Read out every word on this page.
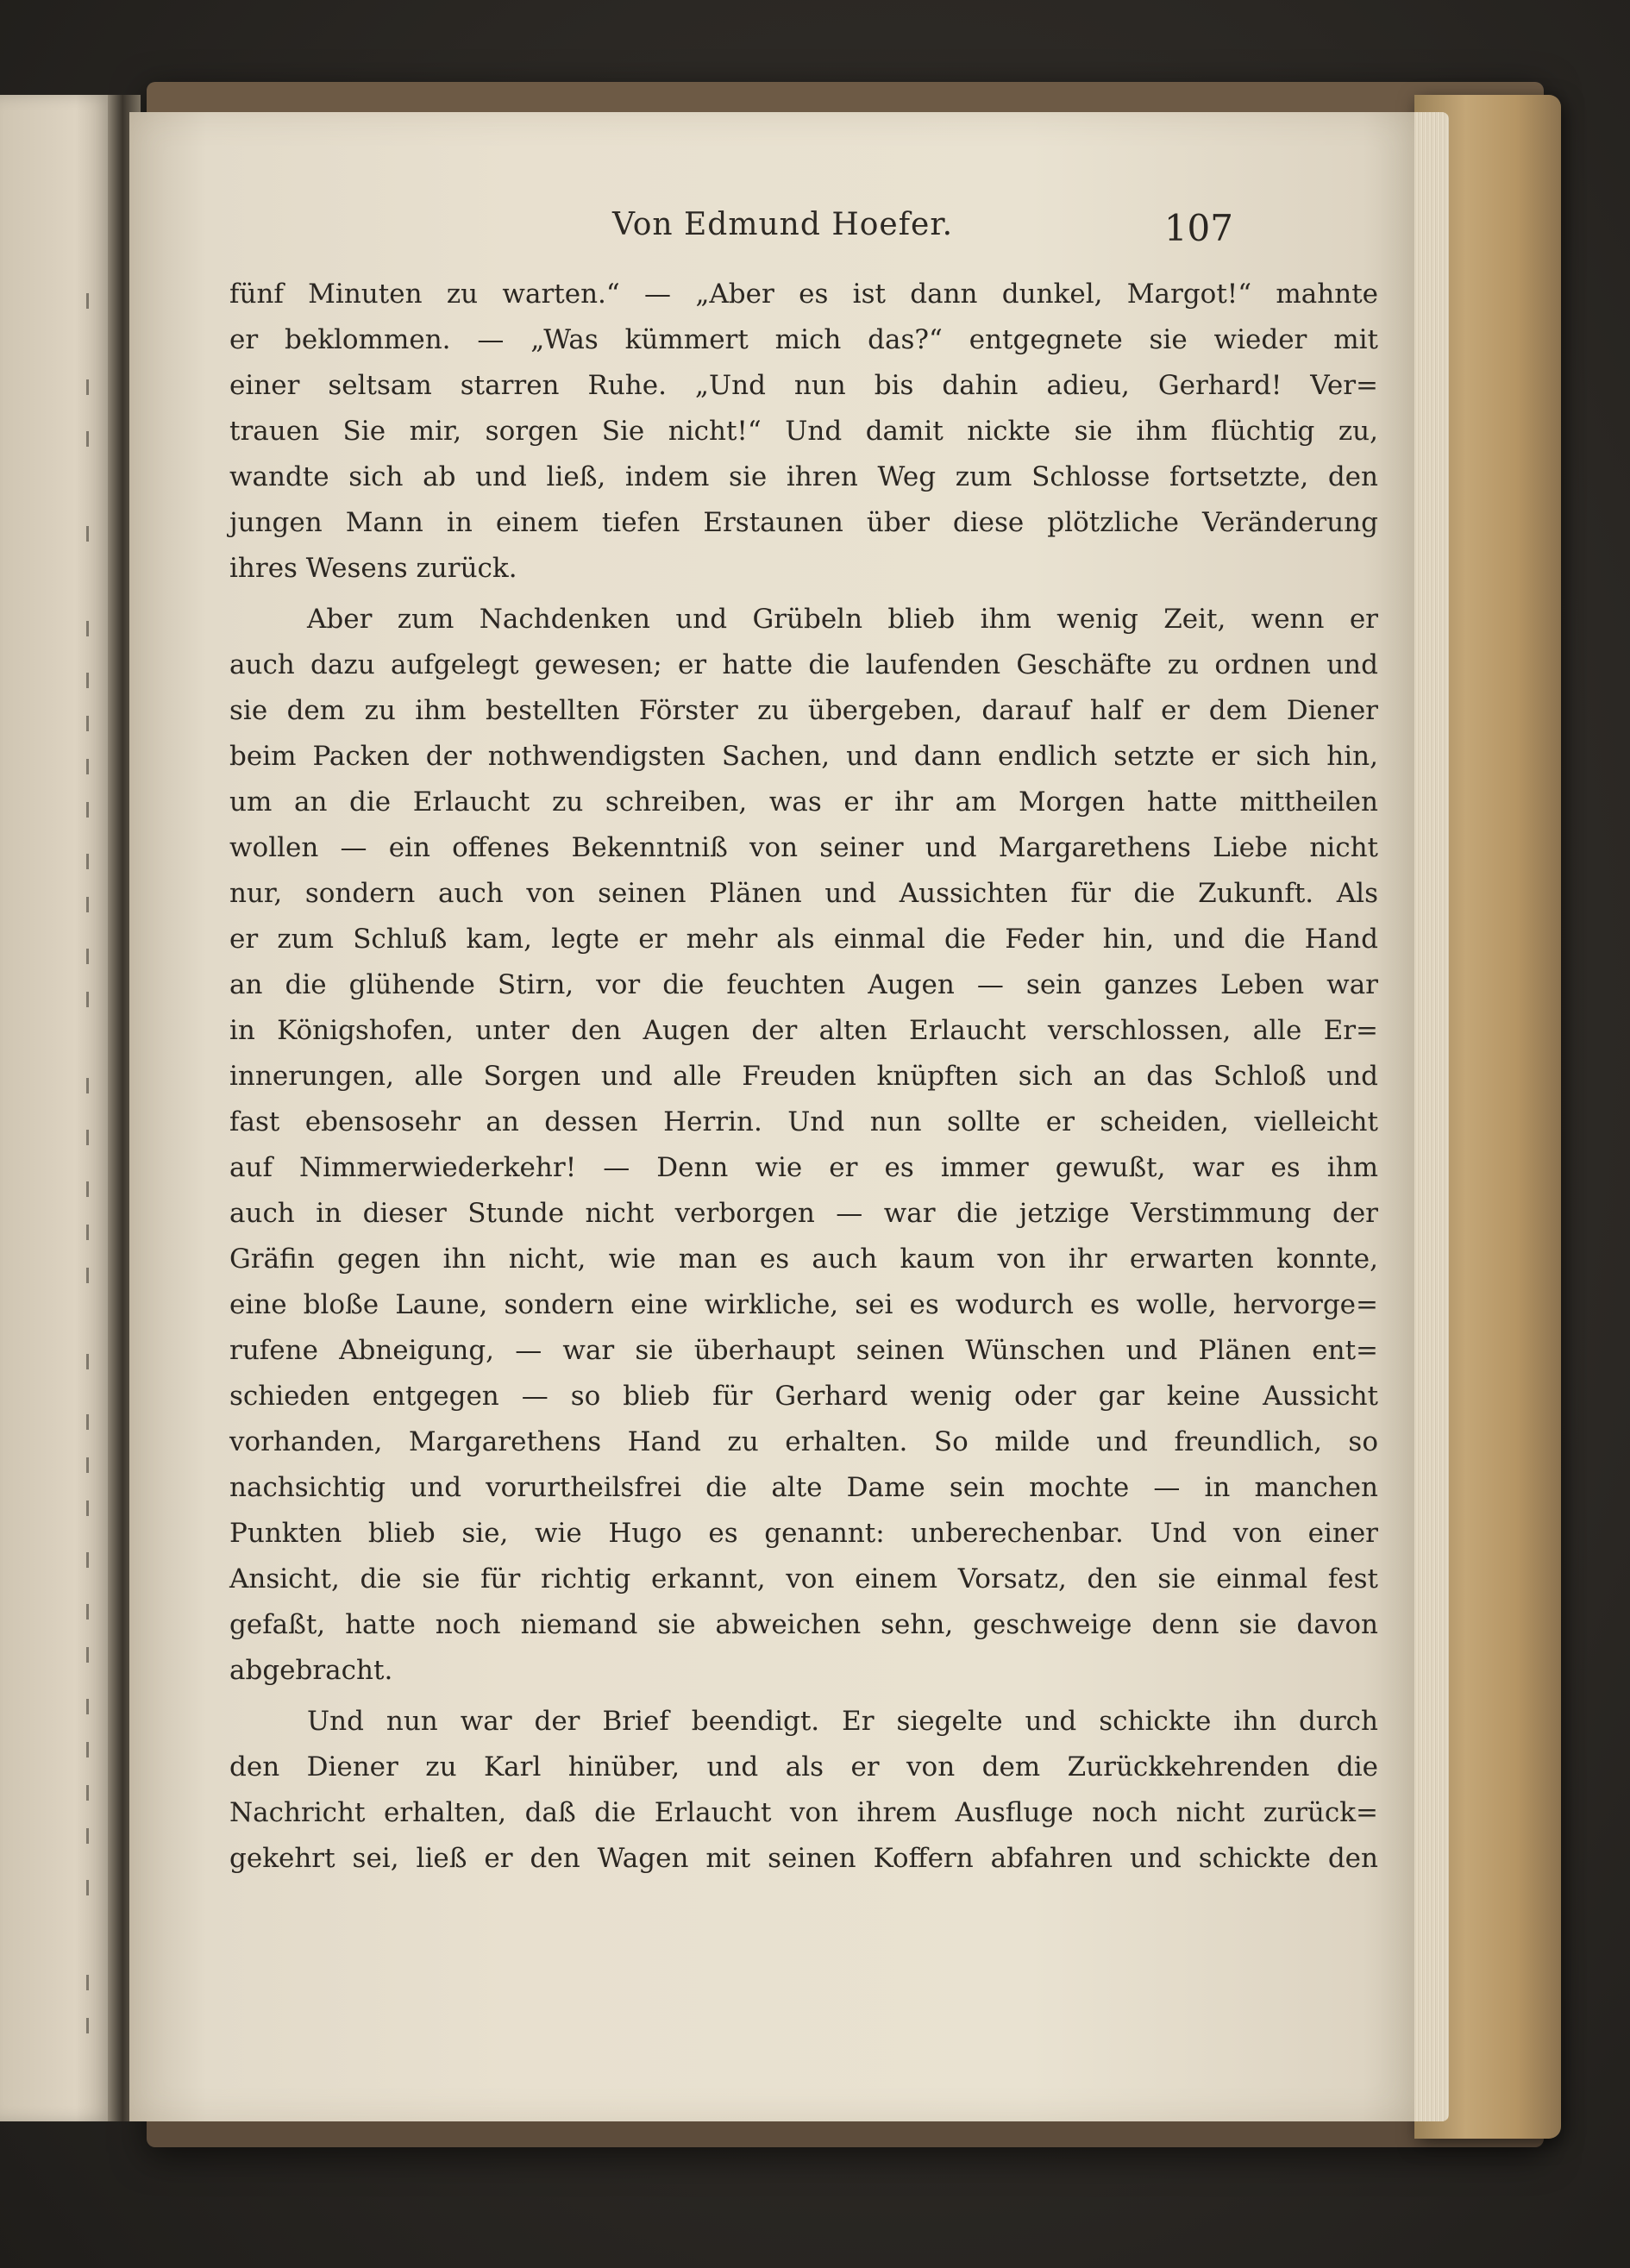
Von Edmund Hoefer.	107
fünf Minuten zu warten.“ — „Aber es ist dann dunkel, Margot!“ mahnte
er beklommen. — „Was kümmert mich das?“ entgegnete sie wieder mit
einer seltsam starren Ruhe. „Und nun bis dahin adieu, Gerhard! Ver=
trauen Sie mir, sorgen Sie nicht!“ Und damit nickte sie ihm flüchtig zu,
wandte sich ab und ließ, indem sie ihren Weg zum Schlosse fortsetzte, den
jungen Mann in einem tiefen Erstaunen über diese plötzliche Veränderung
ihres Wesens zurück.
Aber zum Nachdenken und Grübeln blieb ihm wenig Zeit, wenn er
auch dazu aufgelegt gewesen; er hatte die laufenden Geschäfte zu ordnen und
sie dem zu ihm bestellten Förster zu übergeben, darauf half er dem Diener
beim Packen der nothwendigsten Sachen, und dann endlich setzte er sich hin,
um an die Erlaucht zu schreiben, was er ihr am Morgen hatte mittheilen
wollen — ein offenes Bekenntniß von seiner und Margarethens Liebe nicht
nur, sondern auch von seinen Plänen und Aussichten für die Zukunft. Als
er zum Schluß kam, legte er mehr als einmal die Feder hin, und die Hand
an die glühende Stirn, vor die feuchten Augen — sein ganzes Leben war
in Königshofen, unter den Augen der alten Erlaucht verschlossen, alle Er=
innerungen, alle Sorgen und alle Freuden knüpften sich an das Schloß und
fast ebensosehr an dessen Herrin. Und nun sollte er scheiden, vielleicht
auf Nimmerwiederkehr! — Denn wie er es immer gewußt, war es ihm
auch in dieser Stunde nicht verborgen — war die jetzige Verstimmung der
Gräfin gegen ihn nicht, wie man es auch kaum von ihr erwarten konnte,
eine bloße Laune, sondern eine wirkliche, sei es wodurch es wolle, hervorge=
rufene Abneigung, — war sie überhaupt seinen Wünschen und Plänen ent=
schieden entgegen — so blieb für Gerhard wenig oder gar keine Aussicht
vorhanden, Margarethens Hand zu erhalten. So milde und freundlich, so
nachsichtig und vorurtheilsfrei die alte Dame sein mochte — in manchen
Punkten blieb sie, wie Hugo es genannt: unberechenbar. Und von einer
Ansicht, die sie für richtig erkannt, von einem Vorsatz, den sie einmal fest
gefaßt, hatte noch niemand sie abweichen sehn, geschweige denn sie davon
abgebracht.
Und nun war der Brief beendigt. Er siegelte und schickte ihn durch
den Diener zu Karl hinüber, und als er von dem Zurückkehrenden die
Nachricht erhalten, daß die Erlaucht von ihrem Ausfluge noch nicht zurück=
gekehrt sei, ließ er den Wagen mit seinen Koffern abfahren und schickte den
